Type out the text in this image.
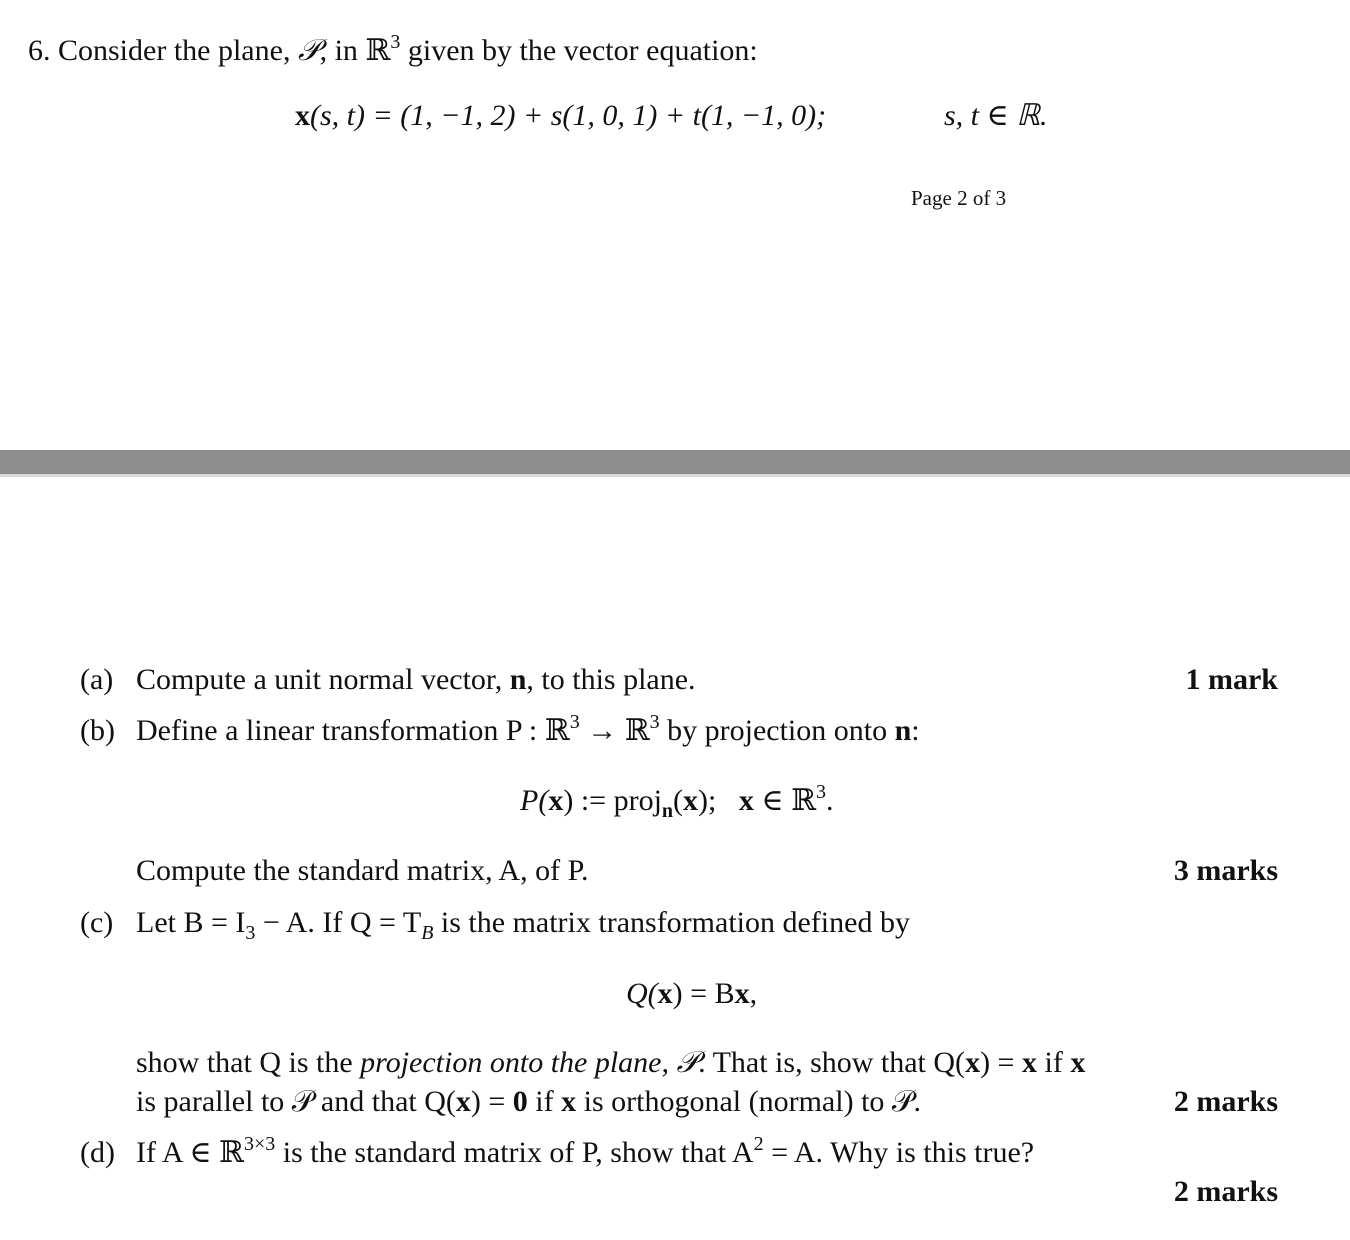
6. Consider the plane, 𝒫, in ℝ$^3$ given by the vector equation:
x(s, t) = (1, −1, 2) + s(1, 0, 1) + t(1, −1, 0);	s, t ∈ ℝ.
Page 2 of 3
(a) Compute a unit normal vector, n, to this plane.	1 mark
(b) Define a linear transformation P : ℝ$^3$ → ℝ$^3$ by projection onto n:
P(x) := proj$_n$(x); x ∈ ℝ$^3$.
Compute the standard matrix, A, of P.	3 marks
(c) Let $B = I_3 - A$. If $Q = T_B$ is the matrix transformation defined by
Q(x) = Bx,
show that Q is the projection onto the plane, 𝒫. That is, show that Q(x) = x if x
is parallel to 𝒫 and that Q(x) = 0 if x is orthogonal (normal) to 𝒫.	2 marks
(d) If A ∈ ℝ$^{3\times 3}$ is the standard matrix of P, show that $A^2 = A$. Why is this true?
2 marks
